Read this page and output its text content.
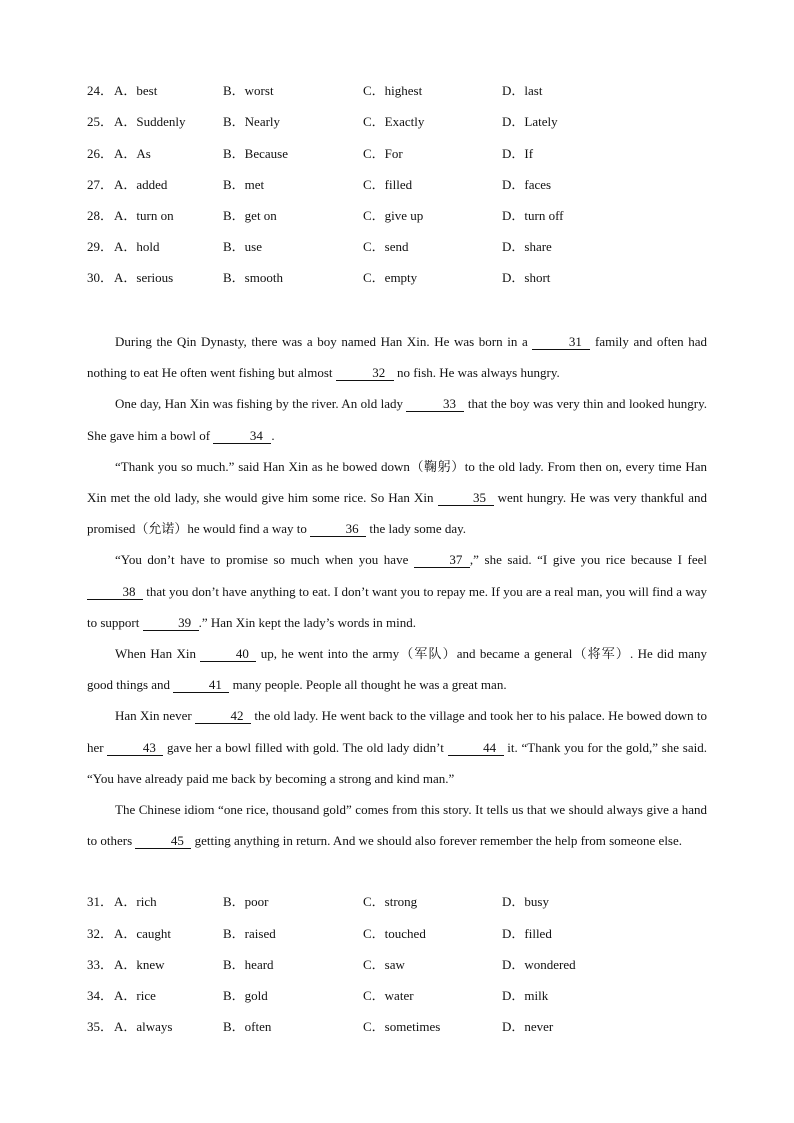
24． A．best	B．worst	C．highest	D．last
25． A．Suddenly	B．Nearly	C．Exactly	D．Lately
26． A．As	B．Because	C．For	D．If
27． A．added	B．met	C．filled	D．faces
28． A．turn on	B．get on	C．give up	D．turn off
29． A．hold	B．use	C．send	D．share
30． A．serious	B．smooth	C．empty	D．short

During the Qin Dynasty, there was a boy named Han Xin. He was born in a	31 family and often had nothing to eat He often went fishing but almost	32 no fish. He was always hungry.

One day, Han Xin was fishing by the river. An old lady	33 that the boy was very thin and looked hungry. She gave him a bowl of	34 .

“Thank you so much.” said Han Xin as he bowed down（鞠躬）to the old lady. From then on, every time Han Xin met the old lady, she would give him some rice. So Han Xin	35 went hungry. He was very thankful and promised（允诺）he would find a way to	36 the lady some day.

“You don’t have to promise so much when you have	37 ,” she said. “I give you rice because I feel 38 that you don’t have anything to eat. I don’t want you to repay me. If you are a real man, you will find a way to support	39 .” Han Xin kept the lady’s words in mind.

When Han Xin	40 up, he went into the army（军队）and became a general（将军）. He did many good things and	41 many people. People all thought he was a great man.

Han Xin never	42 the old lady. He went back to the village and took her to his palace. He bowed down to her	43 gave her a bowl filled with gold. The old lady didn’t	44 it. “Thank you for the gold,” she said. “You have already paid me back by becoming a strong and kind man.”

The Chinese idiom “one rice, thousand gold” comes from this story. It tells us that we should always give a hand to others	45 getting anything in return. And we should also forever remember the help from someone else.

31． A．rich	B．poor	C．strong	D．busy
32． A．caught	B．raised	C．touched	D．filled
33． A．knew	B．heard	C．saw	D．wondered
34． A．rice	B．gold	C．water	D．milk
35． A．always	B．often	C．sometimes	D．never
